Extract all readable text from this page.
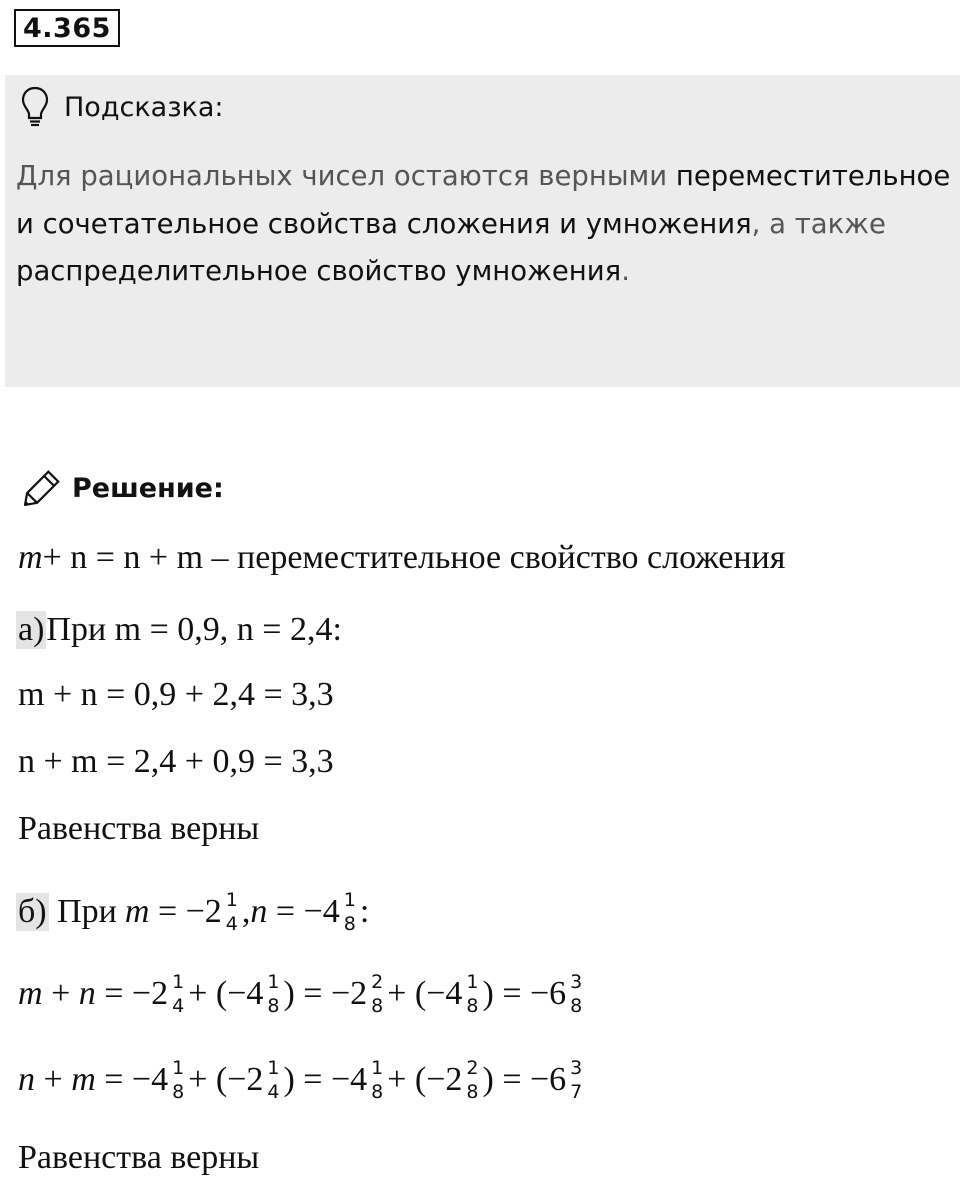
4.365
Подсказка:
Для рациональных чисел остаются верными переместительное и сочетательное свойства сложения и умножения, а также распределительное свойство умножения.
Решение:
m + n = n + m – переместительное свойство сложения
а) При m = 0,9, n = 2,4:
m + n = 0,9 + 2,4 = 3,3
n + m = 2,4 + 0,9 = 3,3
Равенства верны
б) При m = −2 1
4 , n = −4 1
8 :
m + n = −2 1
4 + (−4 1
8 ) = −2 2
8 + (−4 1
8 ) = −6 3
8
n + m = −4 1
8 + (−2 1
4 ) = −4 1
8 + (−2 2
8 ) = −6 3
7
Равенства верны
